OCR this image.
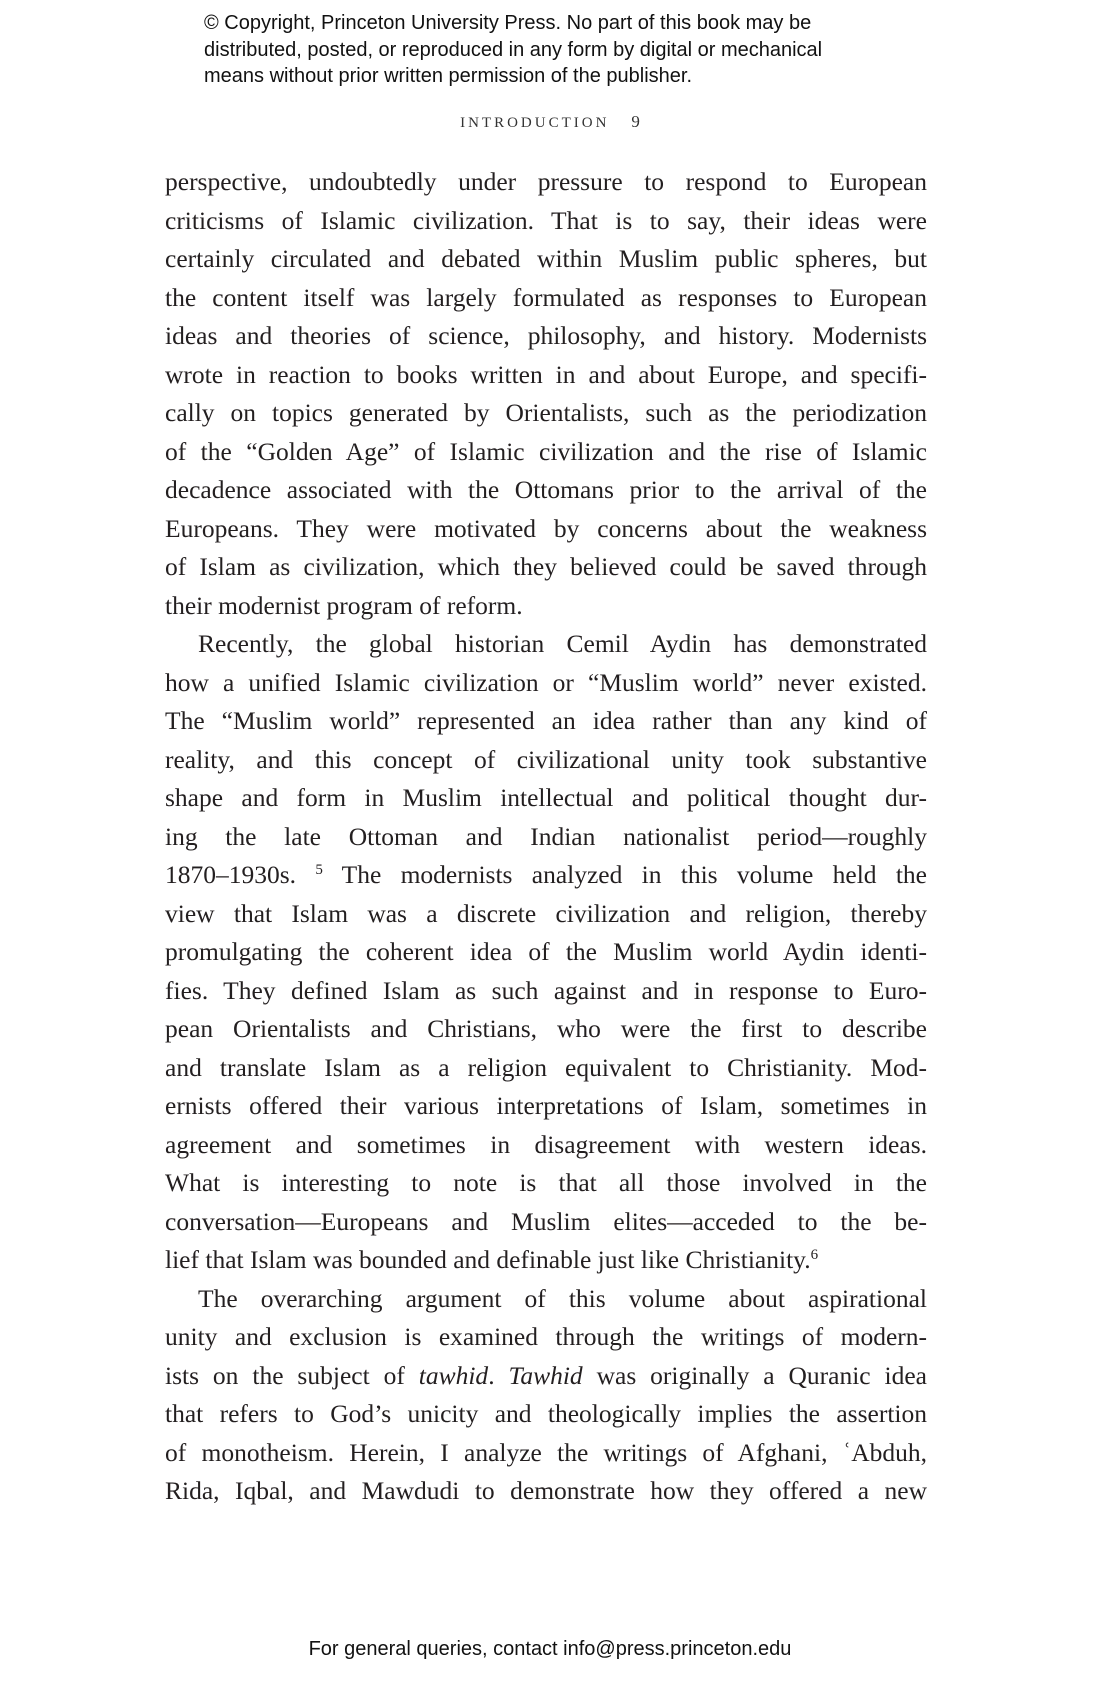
© Copyright, Princeton University Press. No part of this book may be
distributed, posted, or reproduced in any form by digital or mechanical
means without prior written permission of the publisher.
INTRODUCTION 9
perspective, undoubtedly under pressure to respond to European
criticisms of Islamic civilization. That is to say, their ideas were
certainly circulated and debated within Muslim public spheres, but
the content itself was largely formulated as responses to European
ideas and theories of science, philosophy, and history. Modernists
wrote in reaction to books written in and about Europe, and specifi-
cally on topics generated by Orientalists, such as the periodization
of the “Golden Age” of Islamic civilization and the rise of Islamic
decadence associated with the Ottomans prior to the arrival of the
Europeans. They were motivated by concerns about the weakness
of Islam as civilization, which they believed could be saved through
their modernist program of reform.
Recently, the global historian Cemil Aydin has demonstrated
how a unified Islamic civilization or “Muslim world” never existed.
The “Muslim world” represented an idea rather than any kind of
reality, and this concept of civilizational unity took substantive
shape and form in Muslim intellectual and political thought dur-
ing the late Ottoman and Indian nationalist period—roughly
1870–1930s. $^5$ The modernists analyzed in this volume held the
view that Islam was a discrete civilization and religion, thereby
promulgating the coherent idea of the Muslim world Aydin identi-
fies. They defined Islam as such against and in response to Euro-
pean Orientalists and Christians, who were the first to describe
and translate Islam as a religion equivalent to Christianity. Mod-
ernists offered their various interpretations of Islam, sometimes in
agreement and sometimes in disagreement with western ideas.
What is interesting to note is that all those involved in the
conversation—Europeans and Muslim elites—acceded to the be-
lief that Islam was bounded and definable just like Christianity.$^6$
The overarching argument of this volume about aspirational
unity and exclusion is examined through the writings of modern-
ists on the subject of tawhid. Tawhid was originally a Quranic idea
that refers to God’s unicity and theologically implies the assertion
of monotheism. Herein, I analyze the writings of Afghani, ʿAbduh,
Rida, Iqbal, and Mawdudi to demonstrate how they offered a new
For general queries, contact info@press.princeton.edu
